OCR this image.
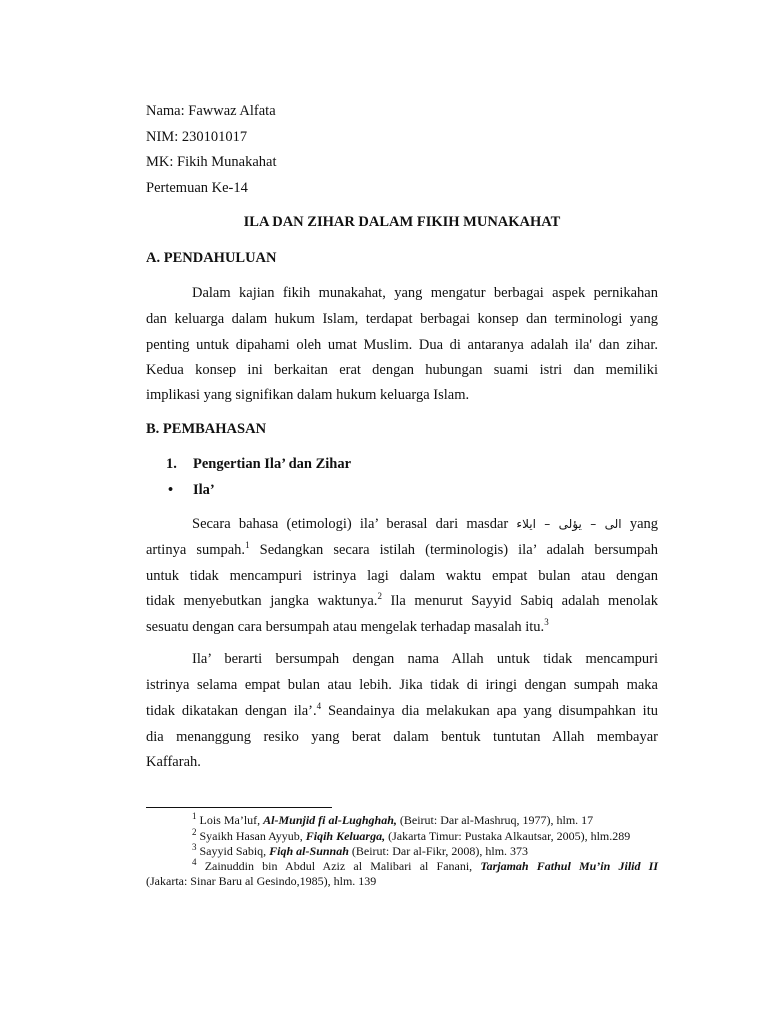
Nama: Fawwaz Alfata
NIM: 230101017
MK: Fikih Munakahat
Pertemuan Ke-14
ILA DAN ZIHAR DALAM FIKIH MUNAKAHAT
A. PENDAHULUAN
Dalam kajian fikih munakahat, yang mengatur berbagai aspek pernikahan
dan keluarga dalam hukum Islam, terdapat berbagai konsep dan terminologi yang
penting untuk dipahami oleh umat Muslim. Dua di antaranya adalah ila' dan zihar.
Kedua konsep ini berkaitan erat dengan hubungan suami istri dan memiliki
implikasi yang signifikan dalam hukum keluarga Islam.
B. PEMBAHASAN
1. Pengertian Ila’ dan Zihar
• Ila’
Secara bahasa (etimologi) ila’ berasal dari masdar الى – يؤلى – ايلاء yang
artinya sumpah.$^1$ Sedangkan secara istilah (terminologis) ila’ adalah bersumpah
untuk tidak mencampuri istrinya lagi dalam waktu empat bulan atau dengan
tidak menyebutkan jangka waktunya.$^2$ Ila menurut Sayyid Sabiq adalah menolak
sesuatu dengan cara bersumpah atau mengelak terhadap masalah itu.$^3$
Ila’ berarti bersumpah dengan nama Allah untuk tidak mencampuri
istrinya selama empat bulan atau lebih. Jika tidak di iringi dengan sumpah maka
tidak dikatakan dengan ila’.$^4$ Seandainya dia melakukan apa yang disumpahkan itu
dia menanggung resiko yang berat dalam bentuk tuntutan Allah membayar
Kaffarah.
$^1$ Lois Ma’luf, Al-Munjid fi al-Lughghah, (Beirut: Dar al-Mashruq, 1977), hlm. 17
$^2$ Syaikh Hasan Ayyub, Fiqih Keluarga, (Jakarta Timur: Pustaka Alkautsar, 2005), hlm.289
$^3$ Sayyid Sabiq, Fiqh al-Sunnah (Beirut: Dar al-Fikr, 2008), hlm. 373
$^4$ Zainuddin bin Abdul Aziz al Malibari al Fanani, Tarjamah Fathul Mu’in Jilid II
(Jakarta: Sinar Baru al Gesindo,1985), hlm. 139
